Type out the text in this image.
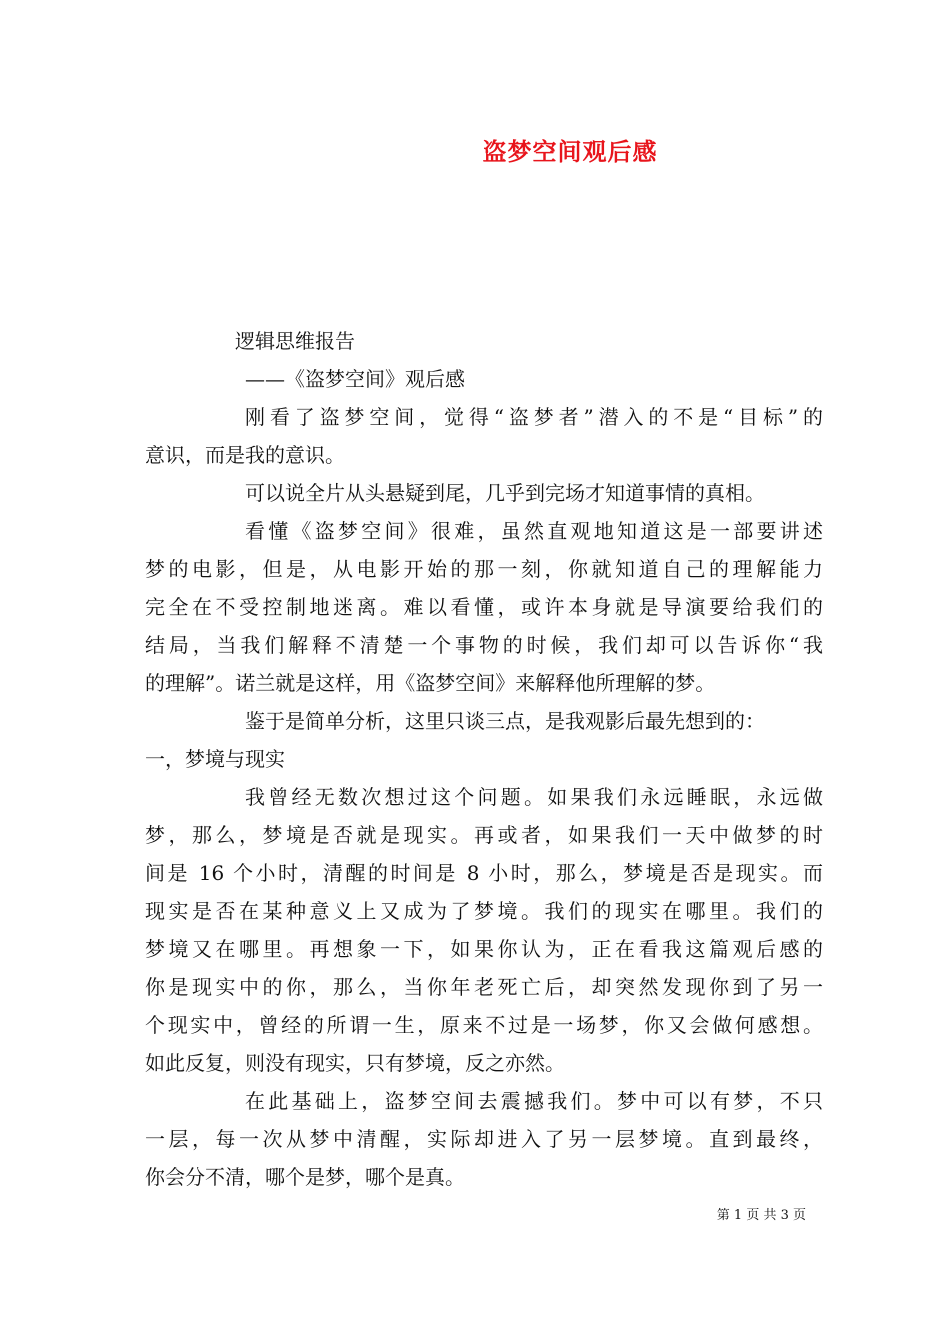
盗梦空间观后感
逻辑思维报告
——《盗梦空间》观后感
刚看了盗梦空间，觉得“盗梦者”潜入的不是“目标”的
意识，而是我的意识。
可以说全片从头悬疑到尾，几乎到完场才知道事情的真相。
看懂《盗梦空间》很难，虽然直观地知道这是一部要讲述
梦的电影，但是，从电影开始的那一刻，你就知道自己的理解能力
完全在不受控制地迷离。难以看懂，或许本身就是导演要给我们的
结局，当我们解释不清楚一个事物的时候，我们却可以告诉你“我
的理解”。诺兰就是这样，用《盗梦空间》来解释他所理解的梦。
鉴于是简单分析，这里只谈三点，是我观影后最先想到的：
一，梦境与现实
我曾经无数次想过这个问题。如果我们永远睡眠，永远做
梦，那么，梦境是否就是现实。再或者，如果我们一天中做梦的时
间是 16 个小时，清醒的时间是 8 小时，那么，梦境是否是现实。而
现实是否在某种意义上又成为了梦境。我们的现实在哪里。我们的
梦境又在哪里。再想象一下，如果你认为，正在看我这篇观后感的
你是现实中的你，那么，当你年老死亡后，却突然发现你到了另一
个现实中，曾经的所谓一生，原来不过是一场梦，你又会做何感想。
如此反复，则没有现实，只有梦境，反之亦然。
在此基础上，盗梦空间去震撼我们。梦中可以有梦，不只
一层，每一次从梦中清醒，实际却进入了另一层梦境。直到最终，
你会分不清，哪个是梦，哪个是真。
第 1 页 共 3 页
